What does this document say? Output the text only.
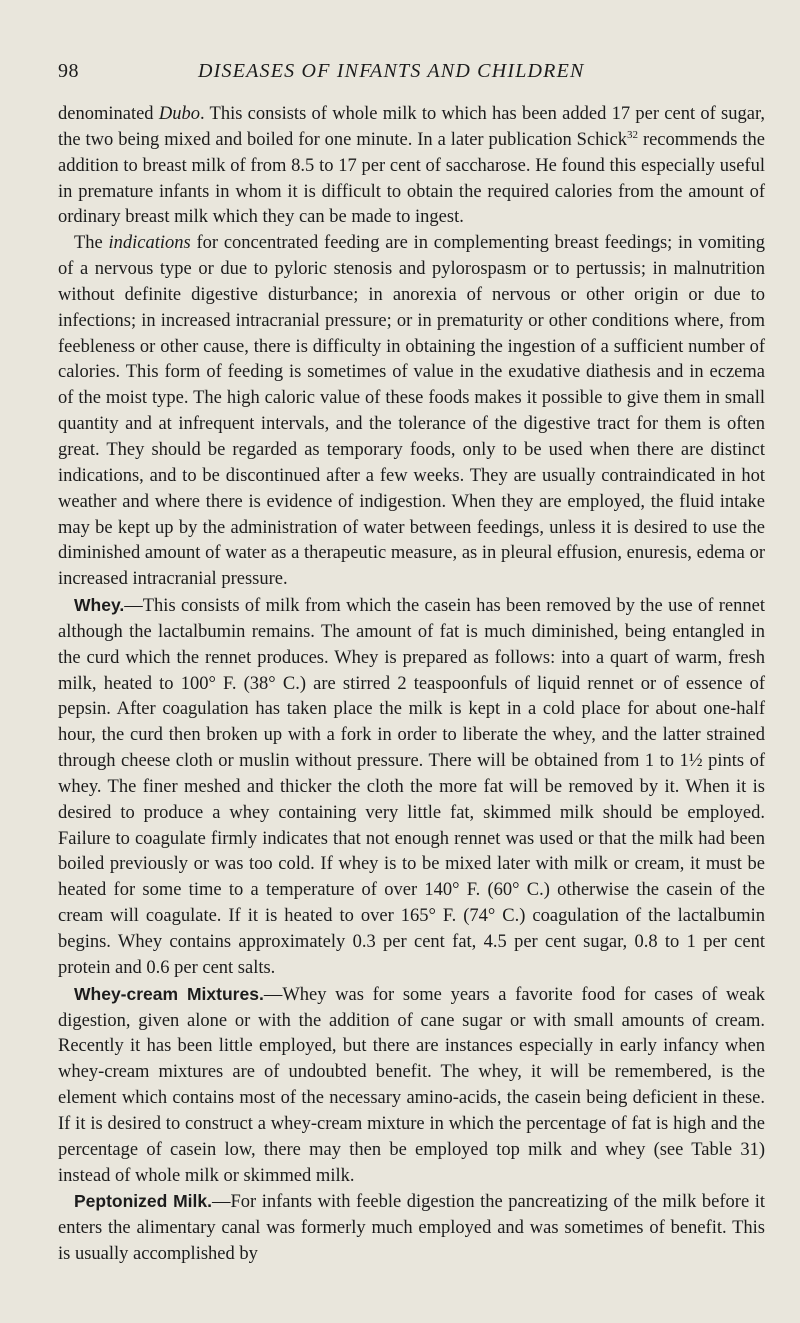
98	DISEASES OF INFANTS AND CHILDREN

denominated Dubo. This consists of whole milk to which has been added 17 per cent of sugar, the two being mixed and boiled for one minute. In a later publication Schick$^{32}$ recommends the addition to breast milk of from 8.5 to 17 per cent of saccharose. He found this especially useful in premature infants in whom it is difficult to obtain the required calories from the amount of ordinary breast milk which they can be made to ingest.

The indications for concentrated feeding are in complementing breast feedings; in vomiting of a nervous type or due to pyloric stenosis and pylorospasm or to pertussis; in malnutrition without definite digestive disturbance; in anorexia of nervous or other origin or due to infections; in increased intracranial pressure; or in prematurity or other conditions where, from feebleness or other cause, there is difficulty in obtaining the ingestion of a sufficient number of calories. This form of feeding is sometimes of value in the exudative diathesis and in eczema of the moist type. The high caloric value of these foods makes it possible to give them in small quantity and at infrequent intervals, and the tolerance of the digestive tract for them is often great. They should be regarded as temporary foods, only to be used when there are distinct indications, and to be discontinued after a few weeks. They are usually contraindicated in hot weather and where there is evidence of indigestion. When they are employed, the fluid intake may be kept up by the administration of water between feedings, unless it is desired to use the diminished amount of water as a therapeutic measure, as in pleural effusion, enuresis, edema or increased intracranial pressure.

Whey.—This consists of milk from which the casein has been removed by the use of rennet although the lactalbumin remains. The amount of fat is much diminished, being entangled in the curd which the rennet produces. Whey is prepared as follows: into a quart of warm, fresh milk, heated to 100° F. (38° C.) are stirred 2 teaspoonfuls of liquid rennet or of essence of pepsin. After coagulation has taken place the milk is kept in a cold place for about one-half hour, the curd then broken up with a fork in order to liberate the whey, and the latter strained through cheese cloth or muslin without pressure. There will be obtained from 1 to 1½ pints of whey. The finer meshed and thicker the cloth the more fat will be removed by it. When it is desired to produce a whey containing very little fat, skimmed milk should be employed. Failure to coagulate firmly indicates that not enough rennet was used or that the milk had been boiled previously or was too cold. If whey is to be mixed later with milk or cream, it must be heated for some time to a temperature of over 140° F. (60° C.) otherwise the casein of the cream will coagulate. If it is heated to over 165° F. (74° C.) coagulation of the lactalbumin begins. Whey contains approximately 0.3 per cent fat, 4.5 per cent sugar, 0.8 to 1 per cent protein and 0.6 per cent salts.

Whey-cream Mixtures.—Whey was for some years a favorite food for cases of weak digestion, given alone or with the addition of cane sugar or with small amounts of cream. Recently it has been little employed, but there are instances especially in early infancy when whey-cream mixtures are of undoubted benefit. The whey, it will be remembered, is the element which contains most of the necessary amino-acids, the casein being deficient in these. If it is desired to construct a whey-cream mixture in which the percentage of fat is high and the percentage of casein low, there may then be employed top milk and whey (see Table 31) instead of whole milk or skimmed milk.

Peptonized Milk.—For infants with feeble digestion the pancreatizing of the milk before it enters the alimentary canal was formerly much employed and was sometimes of benefit. This is usually accomplished by
